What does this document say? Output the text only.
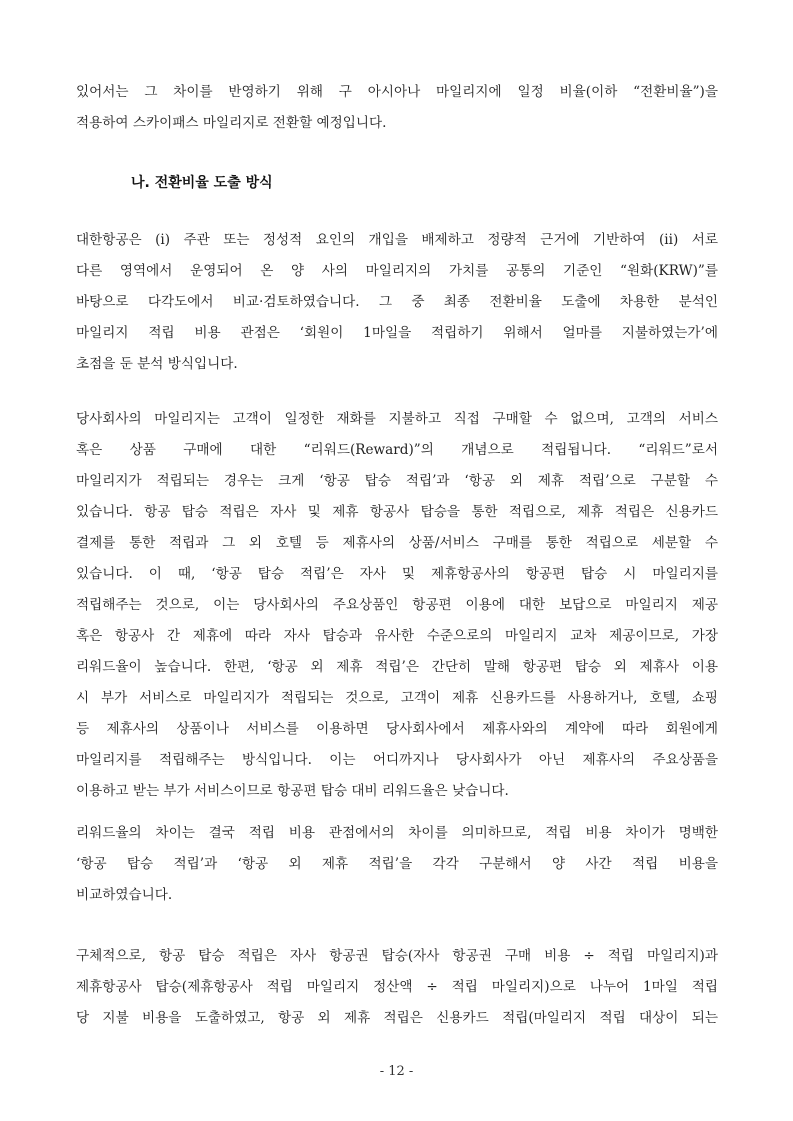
있어서는 그 차이를 반영하기 위해 구 아시아나 마일리지에 일정 비율(이하 “전환비율”)을
적용하여 스카이패스 마일리지로 전환할 예정입니다.
나. 전환비율 도출 방식
대한항공은 (i) 주관 또는 정성적 요인의 개입을 배제하고 정량적 근거에 기반하여 (ii) 서로
다른 영역에서 운영되어 온 양 사의 마일리지의 가치를 공통의 기준인 “원화(KRW)”를
바탕으로 다각도에서 비교·검토하였습니다. 그 중 최종 전환비율 도출에 차용한 분석인
마일리지 적립 비용 관점은 ‘회원이 1마일을 적립하기 위해서 얼마를 지불하였는가’에
초점을 둔 분석 방식입니다.
당사회사의 마일리지는 고객이 일정한 재화를 지불하고 직접 구매할 수 없으며, 고객의 서비스
혹은 상품 구매에 대한 “리워드(Reward)”의 개념으로 적립됩니다. “리워드”로서
마일리지가 적립되는 경우는 크게 ‘항공 탑승 적립’과 ‘항공 외 제휴 적립’으로 구분할 수
있습니다. 항공 탑승 적립은 자사 및 제휴 항공사 탑승을 통한 적립으로, 제휴 적립은 신용카드
결제를 통한 적립과 그 외 호텔 등 제휴사의 상품/서비스 구매를 통한 적립으로 세분할 수
있습니다. 이 때, ‘항공 탑승 적립’은 자사 및 제휴항공사의 항공편 탑승 시 마일리지를
적립해주는 것으로, 이는 당사회사의 주요상품인 항공편 이용에 대한 보답으로 마일리지 제공
혹은 항공사 간 제휴에 따라 자사 탑승과 유사한 수준으로의 마일리지 교차 제공이므로, 가장
리워드율이 높습니다. 한편, ‘항공 외 제휴 적립’은 간단히 말해 항공편 탑승 외 제휴사 이용
시 부가 서비스로 마일리지가 적립되는 것으로, 고객이 제휴 신용카드를 사용하거나, 호텔, 쇼핑
등 제휴사의 상품이나 서비스를 이용하면 당사회사에서 제휴사와의 계약에 따라 회원에게
마일리지를 적립해주는 방식입니다. 이는 어디까지나 당사회사가 아닌 제휴사의 주요상품을
이용하고 받는 부가 서비스이므로 항공편 탑승 대비 리워드율은 낮습니다.
리워드율의 차이는 결국 적립 비용 관점에서의 차이를 의미하므로, 적립 비용 차이가 명백한
‘항공 탑승 적립’과 ‘항공 외 제휴 적립’을 각각 구분해서 양 사간 적립 비용을
비교하였습니다.
구체적으로, 항공 탑승 적립은 자사 항공권 탑승(자사 항공권 구매 비용 ÷ 적립 마일리지)과
제휴항공사 탑승(제휴항공사 적립 마일리지 정산액 ÷ 적립 마일리지)으로 나누어 1마일 적립
당 지불 비용을 도출하였고, 항공 외 제휴 적립은 신용카드 적립(마일리지 적립 대상이 되는
- 12 -
